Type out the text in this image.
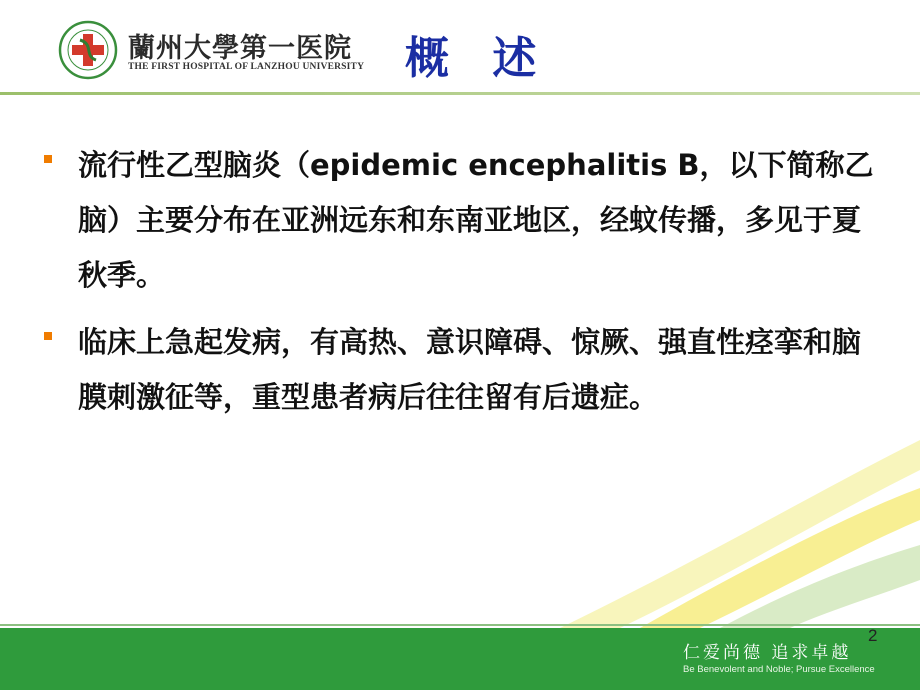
蘭州大學第一医院
THE FIRST HOSPITAL OF LANZHOU UNIVERSITY 概 述
流行性乙型脑炎（epidemic encephalitis B，以下简称乙脑）主要分布在亚洲远东和东南亚地区，经蚊传播，多见于夏秋季。
临床上急起发病，有高热、意识障碍、惊厥、强直性痉挛和脑膜刺激征等，重型患者病后往往留有后遗症。
仁爱尚德 追求卓越
Be Benevolent and Noble; Pursue Excellence
2
